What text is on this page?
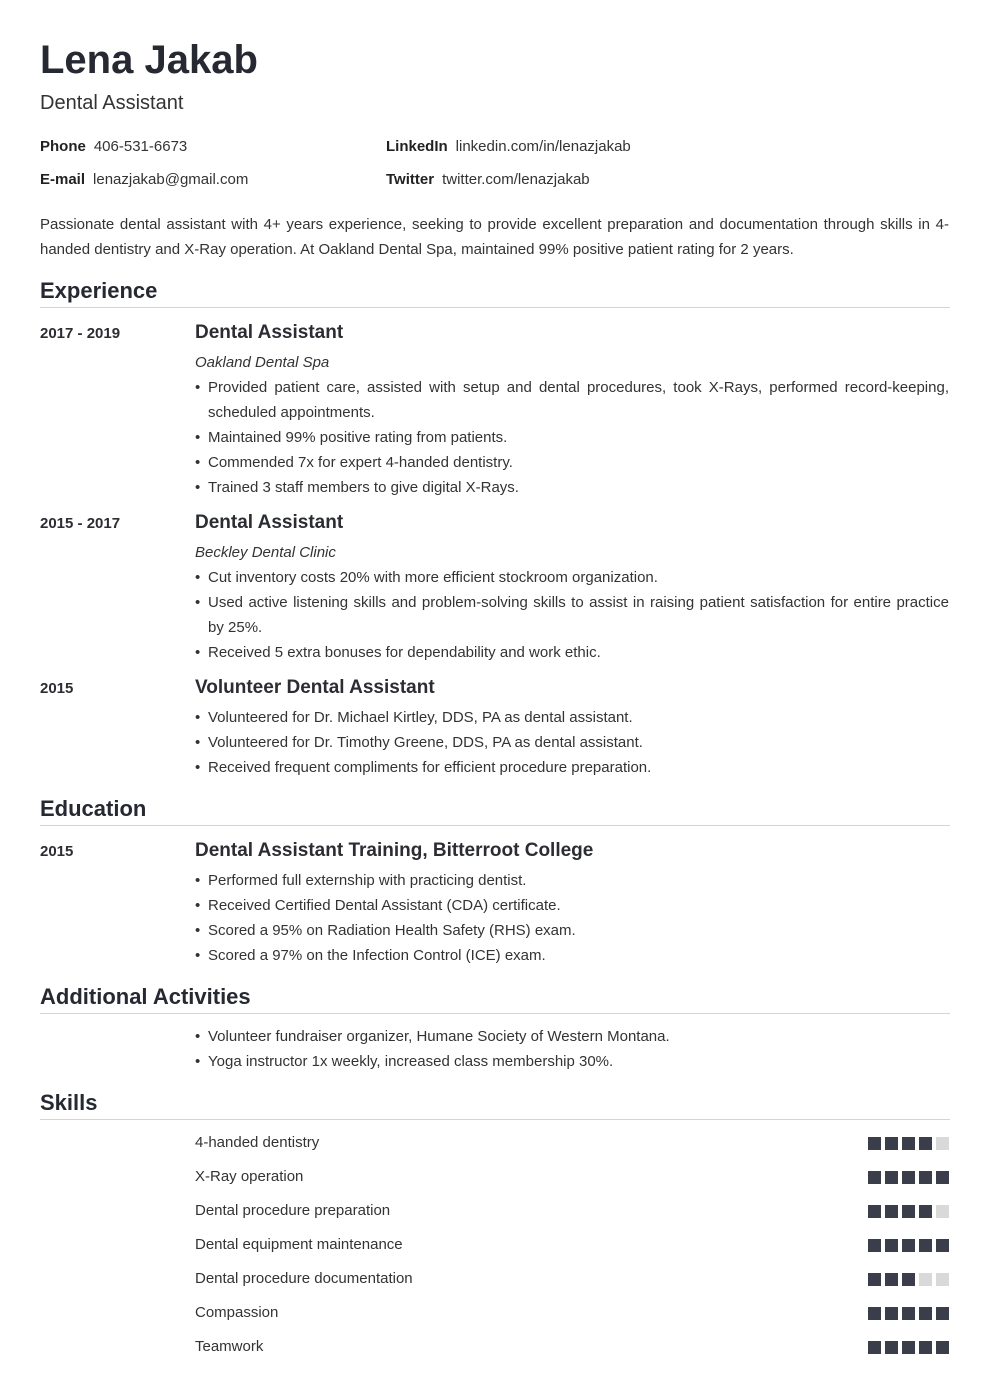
Lena Jakab
Dental Assistant
Phone 406-531-6673	LinkedIn linkedin.com/in/lenazjakab
E-mail lenazjakab@gmail.com	Twitter twitter.com/lenazjakab
Passionate dental assistant with 4+ years experience, seeking to provide excellent preparation and documentation through skills in 4-handed dentistry and X-Ray operation. At Oakland Dental Spa, maintained 99% positive patient rating for 2 years.
Experience
2017 - 2019	Dental Assistant
Oakland Dental Spa
• Provided patient care, assisted with setup and dental procedures, took X-Rays, performed record-keeping, scheduled appointments.
• Maintained 99% positive rating from patients.
• Commended 7x for expert 4-handed dentistry.
• Trained 3 staff members to give digital X-Rays.
2015 - 2017	Dental Assistant
Beckley Dental Clinic
• Cut inventory costs 20% with more efficient stockroom organization.
• Used active listening skills and problem-solving skills to assist in raising patient satisfaction for entire practice by 25%.
• Received 5 extra bonuses for dependability and work ethic.
2015	Volunteer Dental Assistant
• Volunteered for Dr. Michael Kirtley, DDS, PA as dental assistant.
• Volunteered for Dr. Timothy Greene, DDS, PA as dental assistant.
• Received frequent compliments for efficient procedure preparation.
Education
2015	Dental Assistant Training, Bitterroot College
• Performed full externship with practicing dentist.
• Received Certified Dental Assistant (CDA) certificate.
• Scored a 95% on Radiation Health Safety (RHS) exam.
• Scored a 97% on the Infection Control (ICE) exam.
Additional Activities
• Volunteer fundraiser organizer, Humane Society of Western Montana.
• Yoga instructor 1x weekly, increased class membership 30%.
Skills
4-handed dentistry
X-Ray operation
Dental procedure preparation
Dental equipment maintenance
Dental procedure documentation
Compassion
Teamwork
